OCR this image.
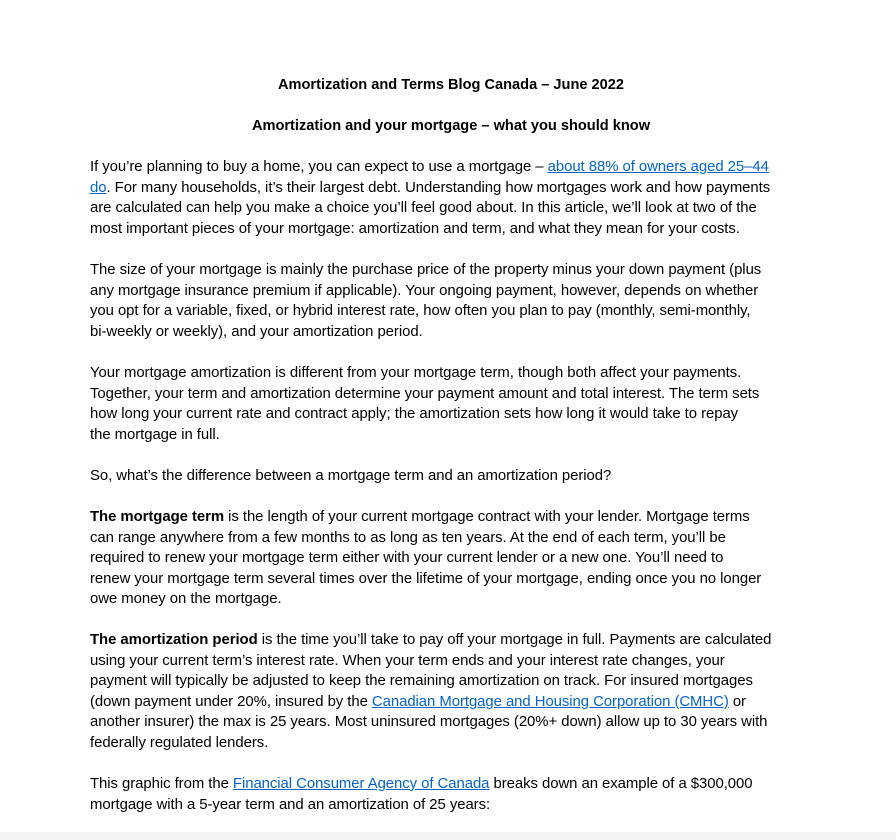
Amortization and Terms Blog Canada – June 2022
Amortization and your mortgage – what you should know
If you’re planning to buy a home, you can expect to use a mortgage – about 88% of owners aged 25–44
do. For many households, it’s their largest debt. Understanding how mortgages work and how payments
are calculated can help you make a choice you’ll feel good about. In this article, we’ll look at two of the
most important pieces of your mortgage: amortization and term, and what they mean for your costs.
The size of your mortgage is mainly the purchase price of the property minus your down payment (plus
any mortgage insurance premium if applicable). Your ongoing payment, however, depends on whether
you opt for a variable, fixed, or hybrid interest rate, how often you plan to pay (monthly, semi-monthly,
bi-weekly or weekly), and your amortization period.
Your mortgage amortization is different from your mortgage term, though both affect your payments.
Together, your term and amortization determine your payment amount and total interest. The term sets
how long your current rate and contract apply; the amortization sets how long it would take to repay
the mortgage in full.
So, what’s the difference between a mortgage term and an amortization period?
The mortgage term is the length of your current mortgage contract with your lender. Mortgage terms
can range anywhere from a few months to as long as ten years. At the end of each term, you’ll be
required to renew your mortgage term either with your current lender or a new one. You’ll need to
renew your mortgage term several times over the lifetime of your mortgage, ending once you no longer
owe money on the mortgage.
The amortization period is the time you’ll take to pay off your mortgage in full. Payments are calculated
using your current term’s interest rate. When your term ends and your interest rate changes, your
payment will typically be adjusted to keep the remaining amortization on track. For insured mortgages
(down payment under 20%, insured by the Canadian Mortgage and Housing Corporation (CMHC) or
another insurer) the max is 25 years. Most uninsured mortgages (20%+ down) allow up to 30 years with
federally regulated lenders.
This graphic from the Financial Consumer Agency of Canada breaks down an example of a $300,000
mortgage with a 5-year term and an amortization of 25 years:
